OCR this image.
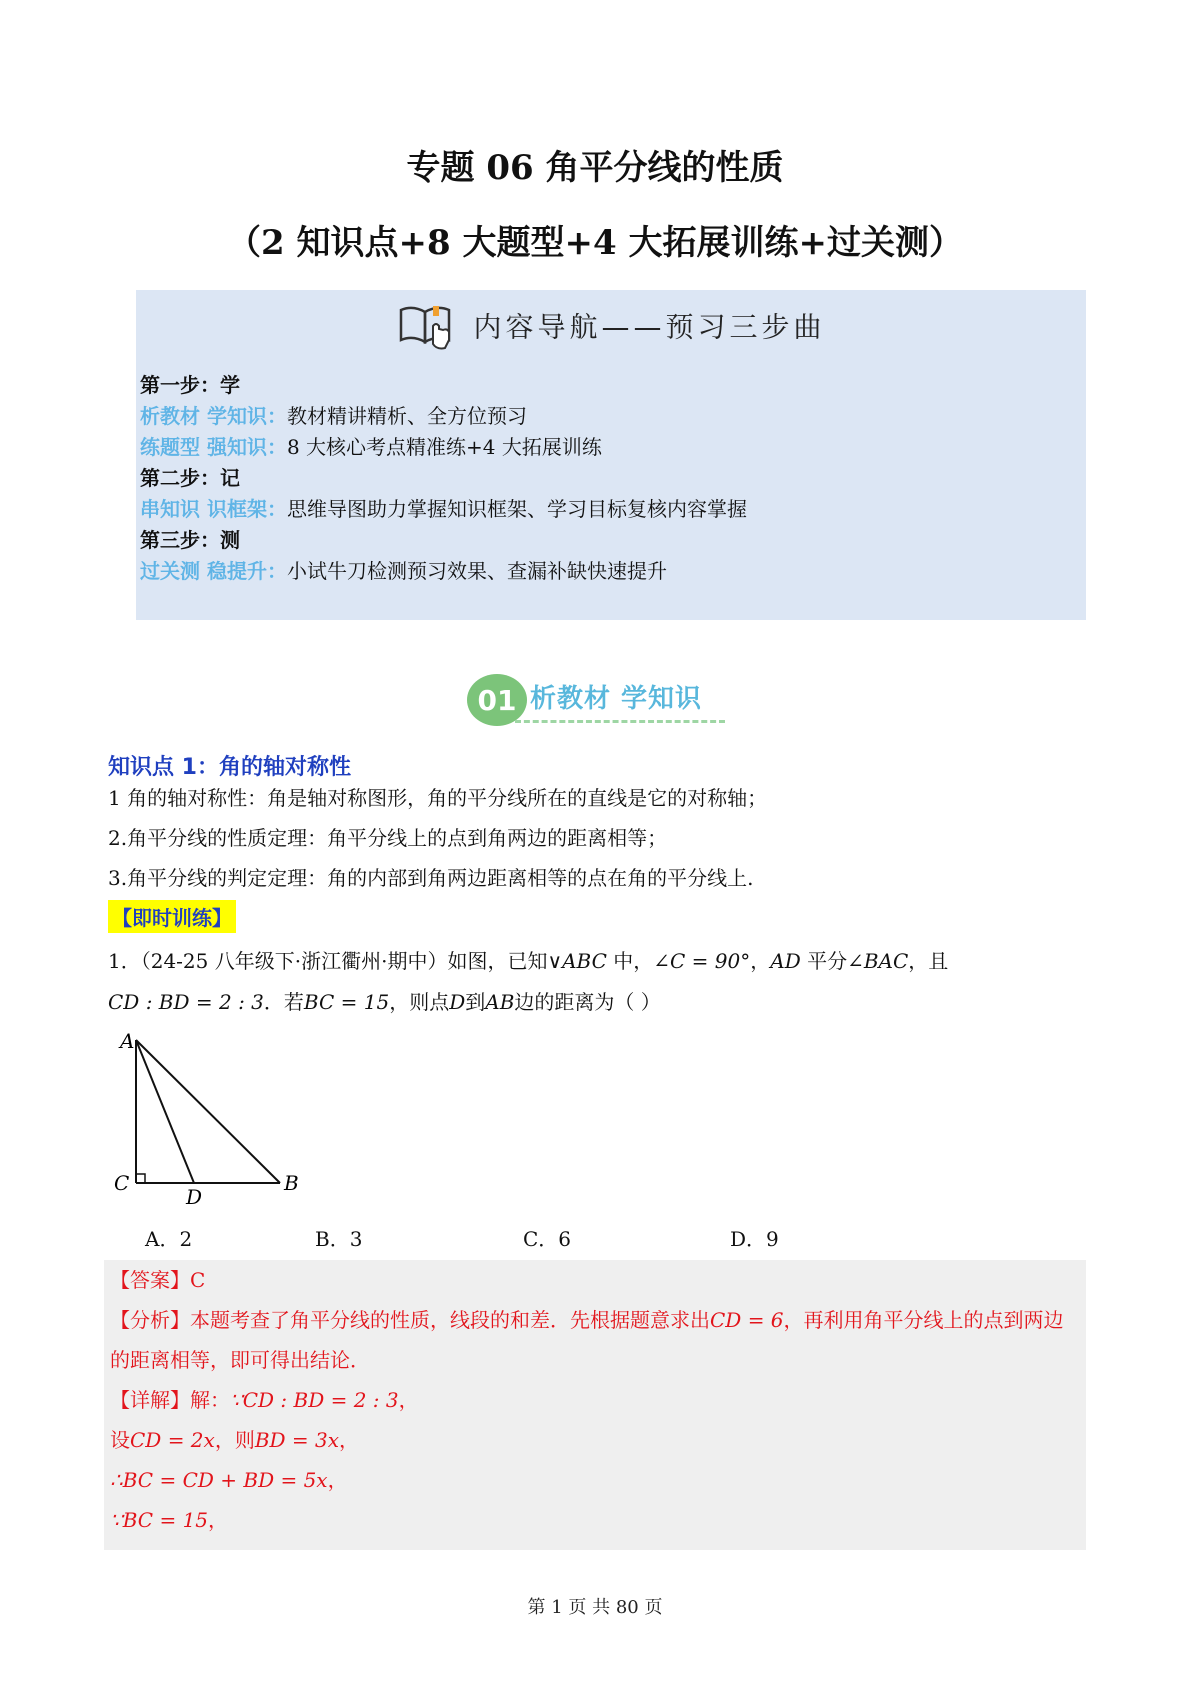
专题 06 角平分线的性质
（2 知识点+8 大题型+4 大拓展训练+过关测）
内容导航——预习三步曲
第一步：学
析教材 学知识：教材精讲精析、全方位预习
练题型 强知识：8 大核心考点精准练+4 大拓展训练
第二步：记
串知识 识框架：思维导图助力掌握知识框架、学习目标复核内容掌握
第三步：测
过关测 稳提升：小试牛刀检测预习效果、查漏补缺快速提升
01 析教材 学知识
知识点 1：角的轴对称性
1 角的轴对称性：角是轴对称图形，角的平分线所在的直线是它的对称轴；
2.角平分线的性质定理：角平分线上的点到角两边的距离相等；
3.角平分线的判定定理：角的内部到角两边距离相等的点在角的平分线上.
【即时训练】
1．（24-25 八年级下·浙江衢州·期中）如图，已知∨ABC 中，∠C = 90°，AD 平分∠BAC，且
CD : BD = 2 : 3．若BC = 15，则点D到AB边的距离为（ ）
A
C
D
B
A．2	B．3	C．6	D．9
【答案】C
【分析】本题考查了角平分线的性质，线段的和差．先根据题意求出CD = 6，再利用角平分线上的点到两边
的距离相等，即可得出结论．
【详解】解：∵CD : BD = 2 : 3，
设CD = 2x，则BD = 3x，
∴BC = CD + BD = 5x，
∵BC = 15，
第 1 页 共 80 页
